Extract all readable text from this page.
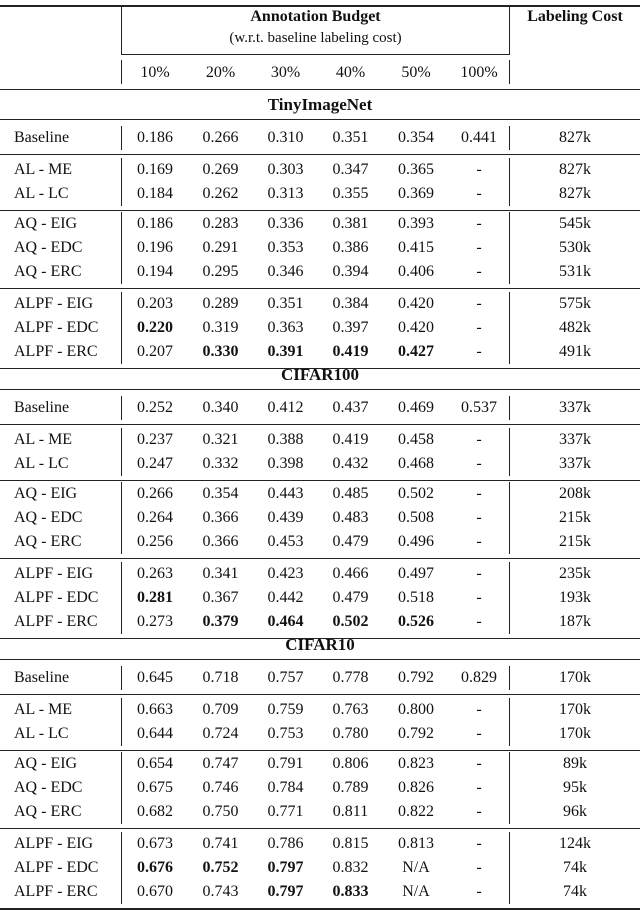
Annotation Budget
(w.r.t. baseline labeling cost)
Labeling Cost
10%	20%	30%	40%	50%	100%
TinyImageNet
Baseline	0.186	0.266	0.310	0.351	0.354	0.441	827k
AL - ME	0.169	0.269	0.303	0.347	0.365	-	827k
AL - LC	0.184	0.262	0.313	0.355	0.369	-	827k
AQ - EIG	0.186	0.283	0.336	0.381	0.393	-	545k
AQ - EDC	0.196	0.291	0.353	0.386	0.415	-	530k
AQ - ERC	0.194	0.295	0.346	0.394	0.406	-	531k
ALPF - EIG	0.203	0.289	0.351	0.384	0.420	-	575k
ALPF - EDC	0.220	0.319	0.363	0.397	0.420	-	482k
ALPF - ERC	0.207	0.330	0.391	0.419	0.427	-	491k
CIFAR100
Baseline	0.252	0.340	0.412	0.437	0.469	0.537	337k
AL - ME	0.237	0.321	0.388	0.419	0.458	-	337k
AL - LC	0.247	0.332	0.398	0.432	0.468	-	337k
AQ - EIG	0.266	0.354	0.443	0.485	0.502	-	208k
AQ - EDC	0.264	0.366	0.439	0.483	0.508	-	215k
AQ - ERC	0.256	0.366	0.453	0.479	0.496	-	215k
ALPF - EIG	0.263	0.341	0.423	0.466	0.497	-	235k
ALPF - EDC	0.281	0.367	0.442	0.479	0.518	-	193k
ALPF - ERC	0.273	0.379	0.464	0.502	0.526	-	187k
CIFAR10
Baseline	0.645	0.718	0.757	0.778	0.792	0.829	170k
AL - ME	0.663	0.709	0.759	0.763	0.800	-	170k
AL - LC	0.644	0.724	0.753	0.780	0.792	-	170k
AQ - EIG	0.654	0.747	0.791	0.806	0.823	-	89k
AQ - EDC	0.675	0.746	0.784	0.789	0.826	-	95k
AQ - ERC	0.682	0.750	0.771	0.811	0.822	-	96k
ALPF - EIG	0.673	0.741	0.786	0.815	0.813	-	124k
ALPF - EDC	0.676	0.752	0.797	0.832	N/A	-	74k
ALPF - ERC	0.670	0.743	0.797	0.833	N/A	-	74k
